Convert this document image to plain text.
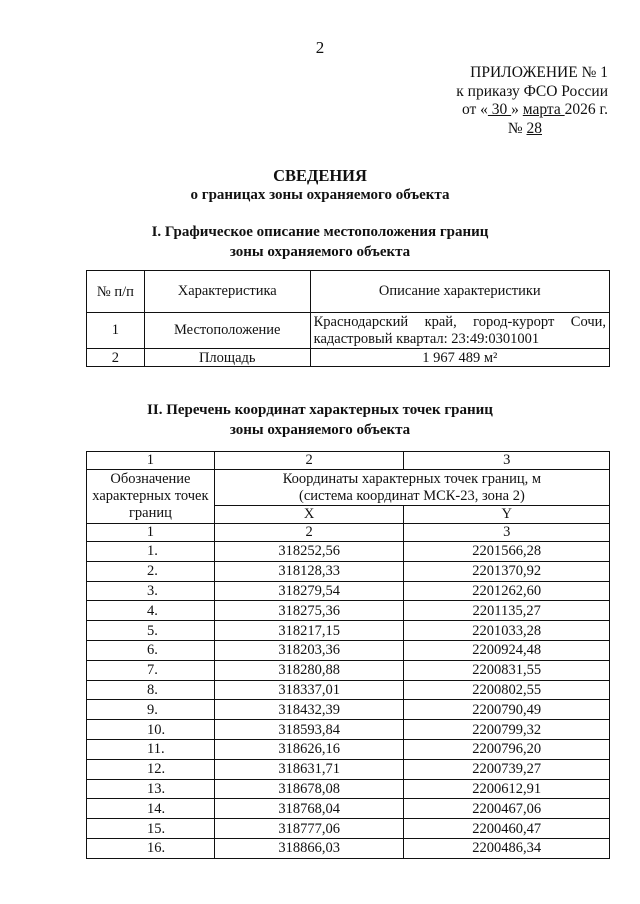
2
ПРИЛОЖЕНИЕ № 1
к приказу ФСО России
от « 30 » марта 2026 г.
№ 28
СВЕДЕНИЯ
о границах зоны охраняемого объекта
I. Графическое описание местоположения границ
зоны охраняемого объекта
№ п/п	Характеристика	Описание характеристики
1	Местоположение	Краснодарский край, город-курорт Сочи, кадастровый квартал: 23:49:0301001
2	Площадь	1 967 489 м²
II. Перечень координат характерных точек границ
зоны охраняемого объекта
1	2	3
Обозначение характерных точек границ	Координаты характерных точек границ, м
(система координат МСК-23, зона 2)	

	X	Y
1	2	3
1.	318252,56	2201566,28
2.	318128,33	2201370,92
3.	318279,54	2201262,60
4.	318275,36	2201135,27
5.	318217,15	2201033,28
6.	318203,36	2200924,48
7.	318280,88	2200831,55
8.	318337,01	2200802,55
9.	318432,39	2200790,49
10.	318593,84	2200799,32
11.	318626,16	2200796,20
12.	318631,71	2200739,27
13.	318678,08	2200612,91
14.	318768,04	2200467,06
15.	318777,06	2200460,47
16.	318866,03	2200486,34
